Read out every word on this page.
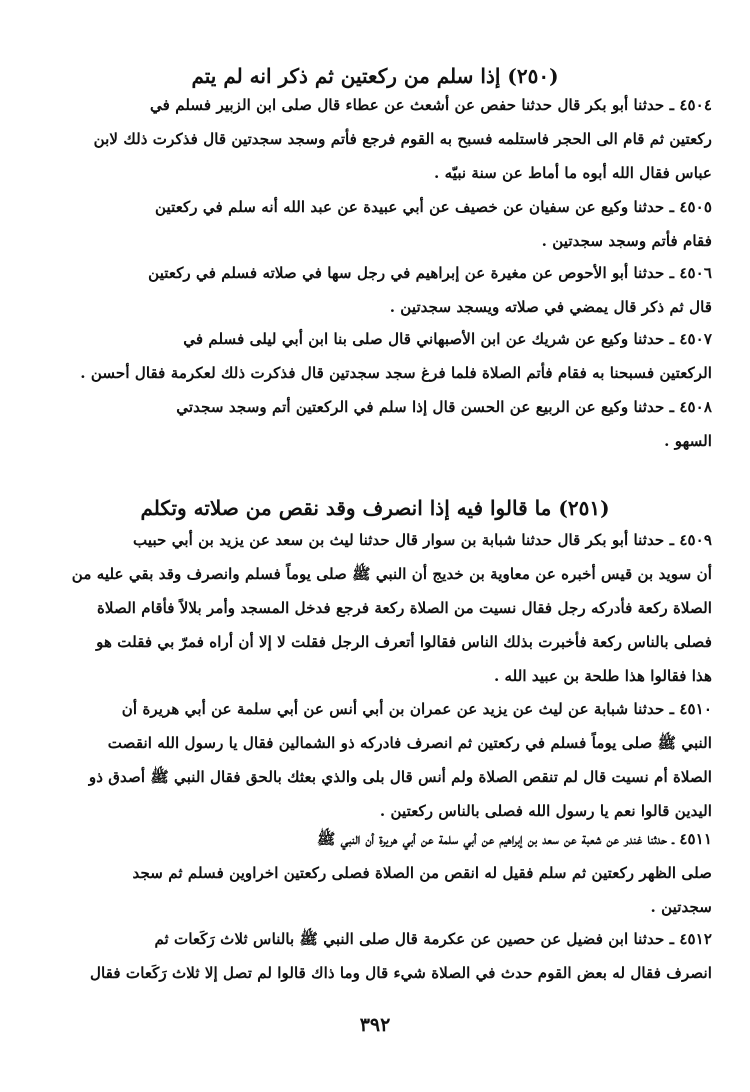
(٢٥٠) إذا سلم من ركعتين ثم ذكر انه لم يتم
٤٥٠٤ ـ حدثنا أبو بكر قال حدثنا حفص عن أشعث عن عطاء قال صلى ابن الزبير فسلم في
ركعتين ثم قام الى الحجر فاستلمه فسبح به القوم فرجع فأتم وسجد سجدتين قال فذكرت ذلك لابن
عباس فقال الله أبوه ما أماط عن سنة نبيّه .
٤٥٠٥ ـ حدثنا وكيع عن سفيان عن خصيف عن أبي عبيدة عن عبد الله أنه سلم في ركعتين
فقام فأتم وسجد سجدتين .
٤٥٠٦ ـ حدثنا أبو الأحوص عن مغيرة عن إبراهيم في رجل سها في صلاته فسلم في ركعتين
قال ثم ذكر قال يمضي في صلاته ويسجد سجدتين .
٤٥٠٧ ـ حدثنا وكيع عن شريك عن ابن الأصبهاني قال صلى بنا ابن أبي ليلى فسلم في
الركعتين فسبحنا به فقام فأتم الصلاة فلما فرغ سجد سجدتين قال فذكرت ذلك لعكرمة فقال أحسن .
٤٥٠٨ ـ حدثنا وكيع عن الربيع عن الحسن قال إذا سلم في الركعتين أتم وسجد سجدتي
السهو .
(٢٥١) ما قالوا فيه إذا انصرف وقد نقص من صلاته وتكلم
٤٥٠٩ ـ حدثنا أبو بكر قال حدثنا شبابة بن سوار قال حدثنا ليث بن سعد عن يزيد بن أبي حبيب
أن سويد بن قيس أخبره عن معاوية بن خديج أن النبي ﷺ صلى يوماً فسلم وانصرف وقد بقي عليه من
الصلاة ركعة فأدركه رجل فقال نسيت من الصلاة ركعة فرجع فدخل المسجد وأمر بلالاً فأقام الصلاة
فصلى بالناس ركعة فأخبرت بذلك الناس فقالوا أتعرف الرجل فقلت لا إلا أن أراه فمرّ بي فقلت هو
هذا فقالوا هذا طلحة بن عبيد الله .
٤٥١٠ ـ حدثنا شبابة عن ليث عن يزيد عن عمران بن أبي أنس عن أبي سلمة عن أبي هريرة أن
النبي ﷺ صلى يوماً فسلم في ركعتين ثم انصرف فادركه ذو الشمالين فقال يا رسول الله انقصت
الصلاة أم نسيت قال لم تنقص الصلاة ولم أنس قال بلى والذي بعثك بالحق فقال النبي ﷺ أصدق ذو
اليدين قالوا نعم يا رسول الله فصلى بالناس ركعتين .
٤٥١١ ـ حدثنا غندر عن شعبة عن سعد بن إبراهيم عن أبي سلمة عن أبي هريرة أن النبي ﷺ
صلى الظهر ركعتين ثم سلم فقيل له انقص من الصلاة فصلى ركعتين اخراوين فسلم ثم سجد
سجدتين .
٤٥١٢ ـ حدثنا ابن فضيل عن حصين عن عكرمة قال صلى النبي ﷺ بالناس ثلاث رَكَعات ثم
انصرف فقال له بعض القوم حدث في الصلاة شيء قال وما ذاك قالوا لم تصل إلا ثلاث رَكَعات فقال
٣٩٢
